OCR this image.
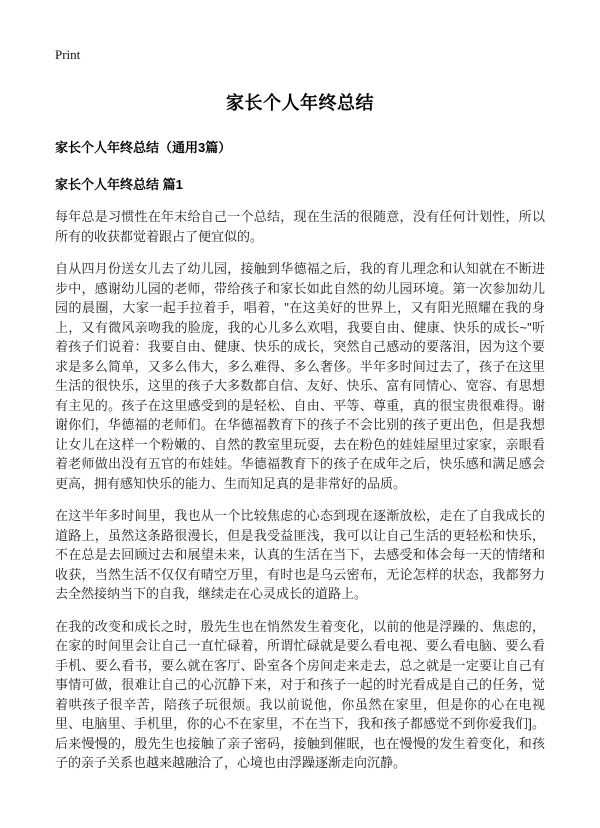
Print
家长个人年终总结
家长个人年终总结（通用3篇）
家长个人年终总结 篇1

每年总是习惯性在年末给自己一个总结，现在生活的很随意，没有任何计划性，所以所有的收获都觉着跟占了便宜似的。

自从四月份送女儿去了幼儿园，接触到华德福之后，我的育儿理念和认知就在不断进步中，感谢幼儿园的老师，带给孩子和家长如此自然的幼儿园环境。第一次参加幼儿园的晨圈，大家一起手拉着手，唱着，"在这美好的世界上，又有阳光照耀在我的身上，又有微风亲吻我的脸庞，我的心儿多么欢唱，我要自由、健康、快乐的成长~"听着孩子们说着：我要自由、健康、快乐的成长，突然自己感动的要落泪，因为这个要求是多么简单，又多么伟大，多么难得、多么奢侈。半年多时间过去了，孩子在这里生活的很快乐，这里的孩子大多数都自信、友好、快乐、富有同情心、宽容、有思想有主见的。孩子在这里感受到的是轻松、自由、平等、尊重，真的很宝贵很难得。谢谢你们，华德福的老师们。在华德福教育下的孩子不会比别的孩子更出色，但是我想让女儿在这样一个粉嫩的、自然的教室里玩耍，去在粉色的娃娃屋里过家家，亲眼看着老师做出没有五官的布娃娃。华德福教育下的孩子在成年之后，快乐感和满足感会更高，拥有感知快乐的能力、生而知足真的是非常好的品质。

在这半年多时间里，我也从一个比较焦虑的心态到现在逐渐放松，走在了自我成长的道路上，虽然这条路很漫长，但是我受益匪浅，我可以让自己生活的更轻松和快乐，不在总是去回顾过去和展望未来，认真的生活在当下，去感受和体会每一天的情绪和收获，当然生活不仅仅有晴空万里，有时也是乌云密布，无论怎样的状态，我都努力去全然接纳当下的自我，继续走在心灵成长的道路上。

在我的改变和成长之时，殷先生也在悄然发生着变化，以前的他是浮躁的、焦虑的，在家的时间里会让自己一直忙碌着，所谓忙碌就是要么看电视、要么看电脑、要么看手机、要么看书，要么就在客厅、卧室各个房间走来走去，总之就是一定要让自己有事情可做，很难让自己的心沉静下来，对于和孩子一起的时光看成是自己的任务，觉着哄孩子很辛苦，陪孩子玩很烦。我以前说他，你虽然在家里，但是你的心在电视里、电脑里、手机里，你的心不在家里，不在当下，我和孩子都感觉不到你爱我们]。后来慢慢的，殷先生也接触了亲子密码，接触到催眠，也在慢慢的发生着变化，和孩子的亲子关系也越来越融洽了，心境也由浮躁逐渐走向沉静。
